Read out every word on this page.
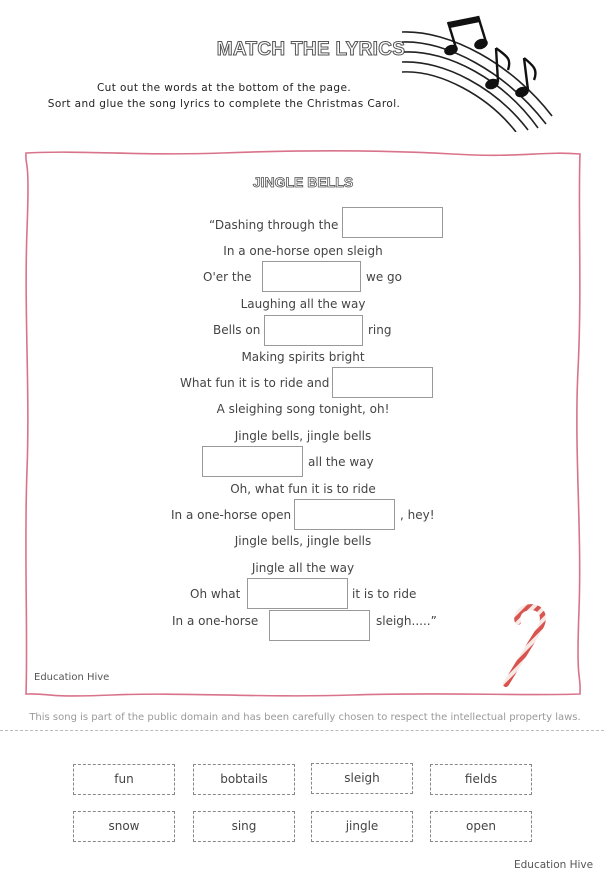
MATCH THE LYRICS
Cut out the words at the bottom of the page.
Sort and glue the song lyrics to complete the Christmas Carol.
JINGLE BELLS
“Dashing through the
In a one-horse open sleigh
O'er the	we go
Laughing all the way
Bells on	ring
Making spirits bright
What fun it is to ride and
A sleighing song tonight, oh!
Jingle bells, jingle bells
all the way
Oh, what fun it is to ride
In a one-horse open	, hey!
Jingle bells, jingle bells
Jingle all the way
Oh what	it is to ride
In a one-horse	sleigh.....”
Education Hive
This song is part of the public domain and has been carefully chosen to respect the intellectual property laws.
fun	bobtails	sleigh	fields
snow	sing	jingle	open
Education Hive
